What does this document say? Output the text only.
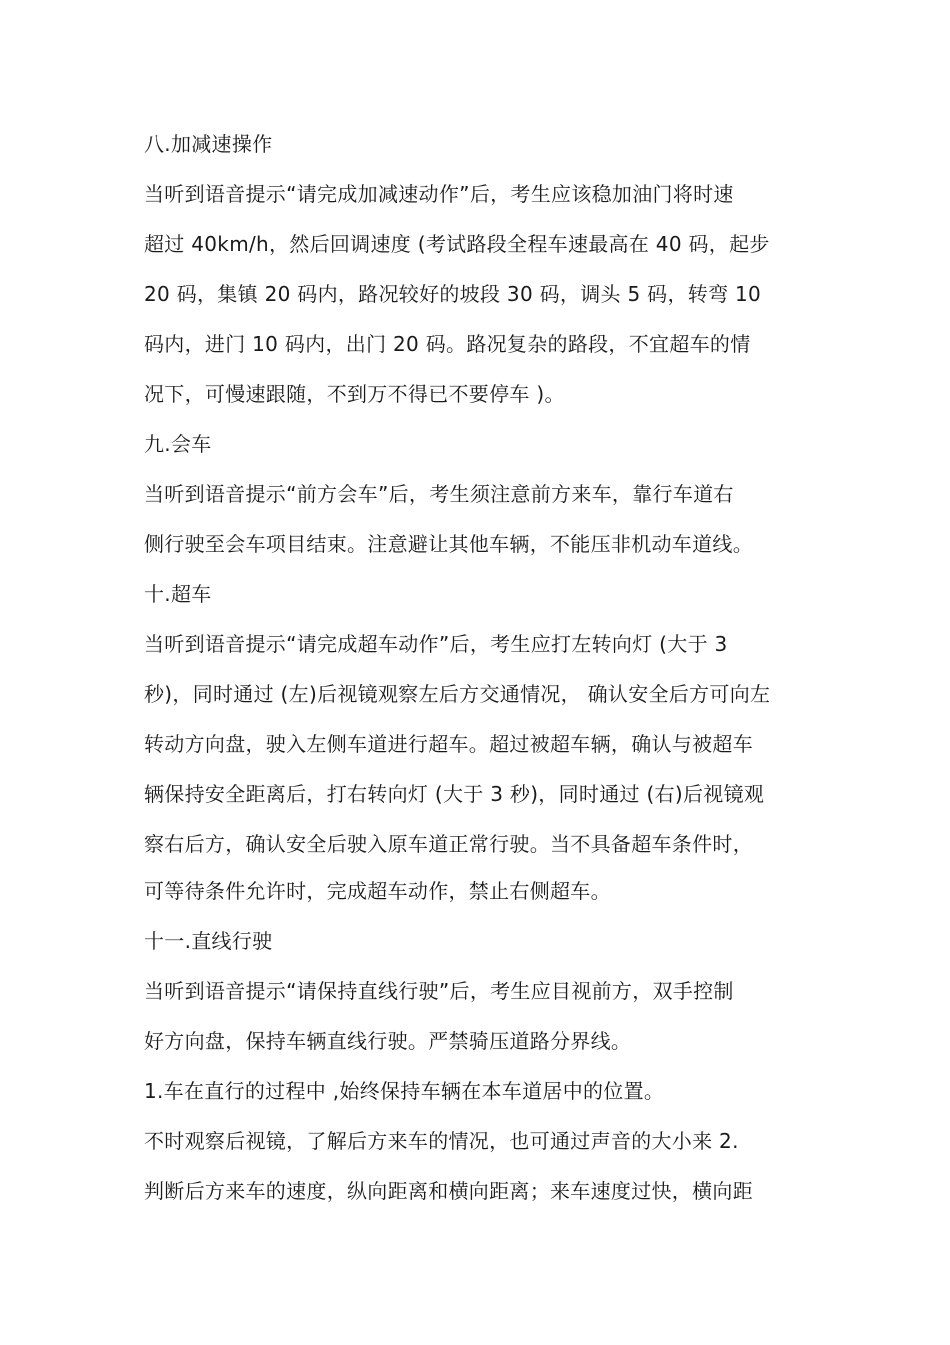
八.加减速操作
当听到语音提示“请完成加减速动作”后，考生应该稳加油门将时速
超过 40km/h，然后回调速度 (考试路段全程车速最高在 40 码，起步
20 码，集镇 20 码内，路况较好的坡段 30 码，调头 5 码，转弯 10
码内，进门 10 码内，出门 20 码。路况复杂的路段，不宜超车的情
况下，可慢速跟随，不到万不得已不要停车 )。
九.会车
当听到语音提示“前方会车”后，考生须注意前方来车，靠行车道右
侧行驶至会车项目结束。注意避让其他车辆，不能压非机动车道线。
十.超车
当听到语音提示“请完成超车动作”后，考生应打左转向灯 (大于 3
秒)，同时通过 (左)后视镜观察左后方交通情况， 确认安全后方可向左
转动方向盘，驶入左侧车道进行超车。超过被超车辆，确认与被超车
辆保持安全距离后，打右转向灯 (大于 3 秒)，同时通过 (右)后视镜观
察右后方，确认安全后驶入原车道正常行驶。当不具备超车条件时，
可等待条件允许时，完成超车动作，禁止右侧超车。
十一.直线行驶
当听到语音提示“请保持直线行驶”后，考生应目视前方，双手控制
好方向盘，保持车辆直线行驶。严禁骑压道路分界线。
1.车在直行的过程中 ,始终保持车辆在本车道居中的位置。
不时观察后视镜，了解后方来车的情况，也可通过声音的大小来 2.
判断后方来车的速度，纵向距离和横向距离；来车速度过快，横向距
